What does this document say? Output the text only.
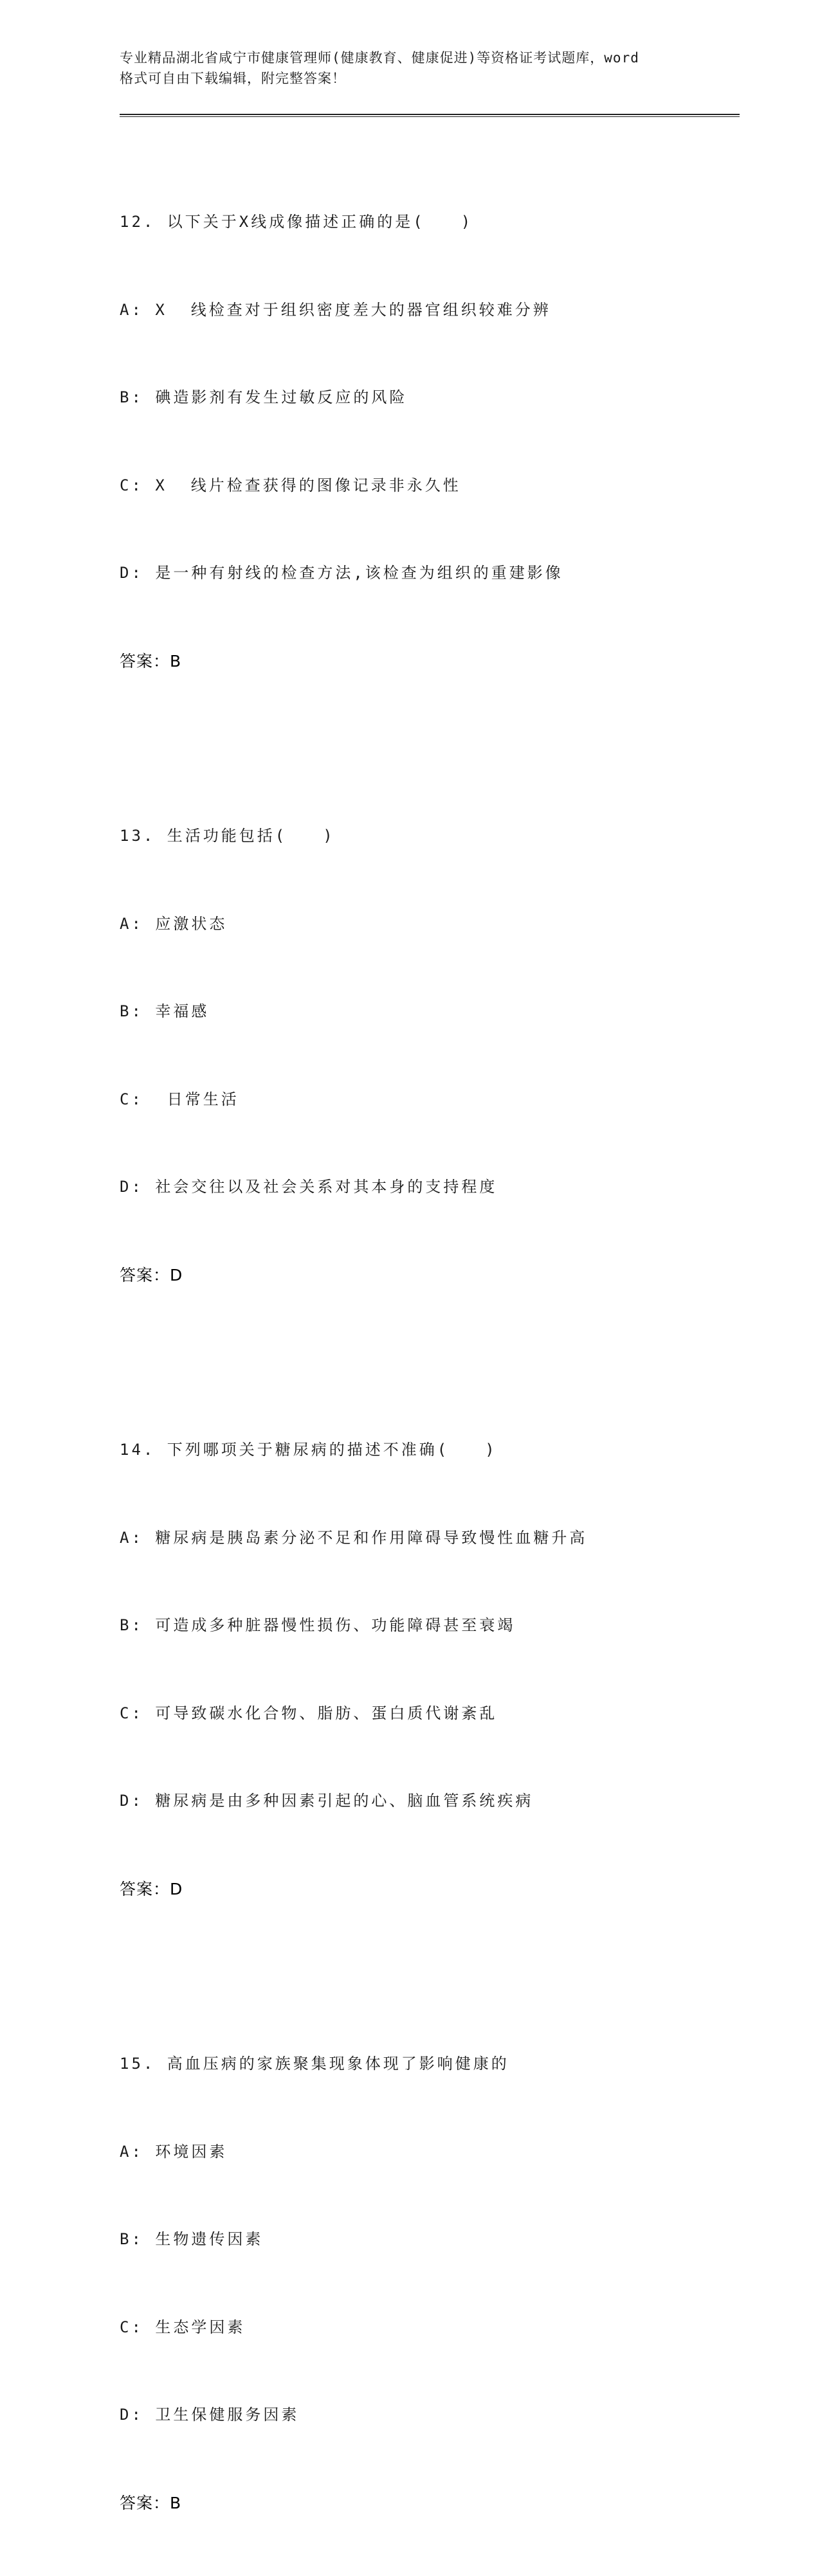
专业精品湖北省咸宁市健康管理师(健康教育、健康促进)等资格证考试题库，word
格式可自由下载编辑，附完整答案！

12. 以下关于X线成像描述正确的是(　　)

A: X  线检查对于组织密度差大的器官组织较难分辨

B: 碘造影剂有发生过敏反应的风险

C: X  线片检查获得的图像记录非永久性

D: 是一种有射线的检查方法,该检查为组织的重建影像

答案：B

13. 生活功能包括(　　)

A: 应激状态

B: 幸福感

C:  日常生活

D: 社会交往以及社会关系对其本身的支持程度

答案：D

14. 下列哪项关于糖尿病的描述不准确(　　)

A: 糖尿病是胰岛素分泌不足和作用障碍导致慢性血糖升高

B: 可造成多种脏器慢性损伤、功能障碍甚至衰竭

C: 可导致碳水化合物、脂肪、蛋白质代谢紊乱

D: 糖尿病是由多种因素引起的心、脑血管系统疾病

答案：D

15. 高血压病的家族聚集现象体现了影响健康的

A: 环境因素

B: 生物遗传因素

C: 生态学因素

D: 卫生保健服务因素

答案：B
